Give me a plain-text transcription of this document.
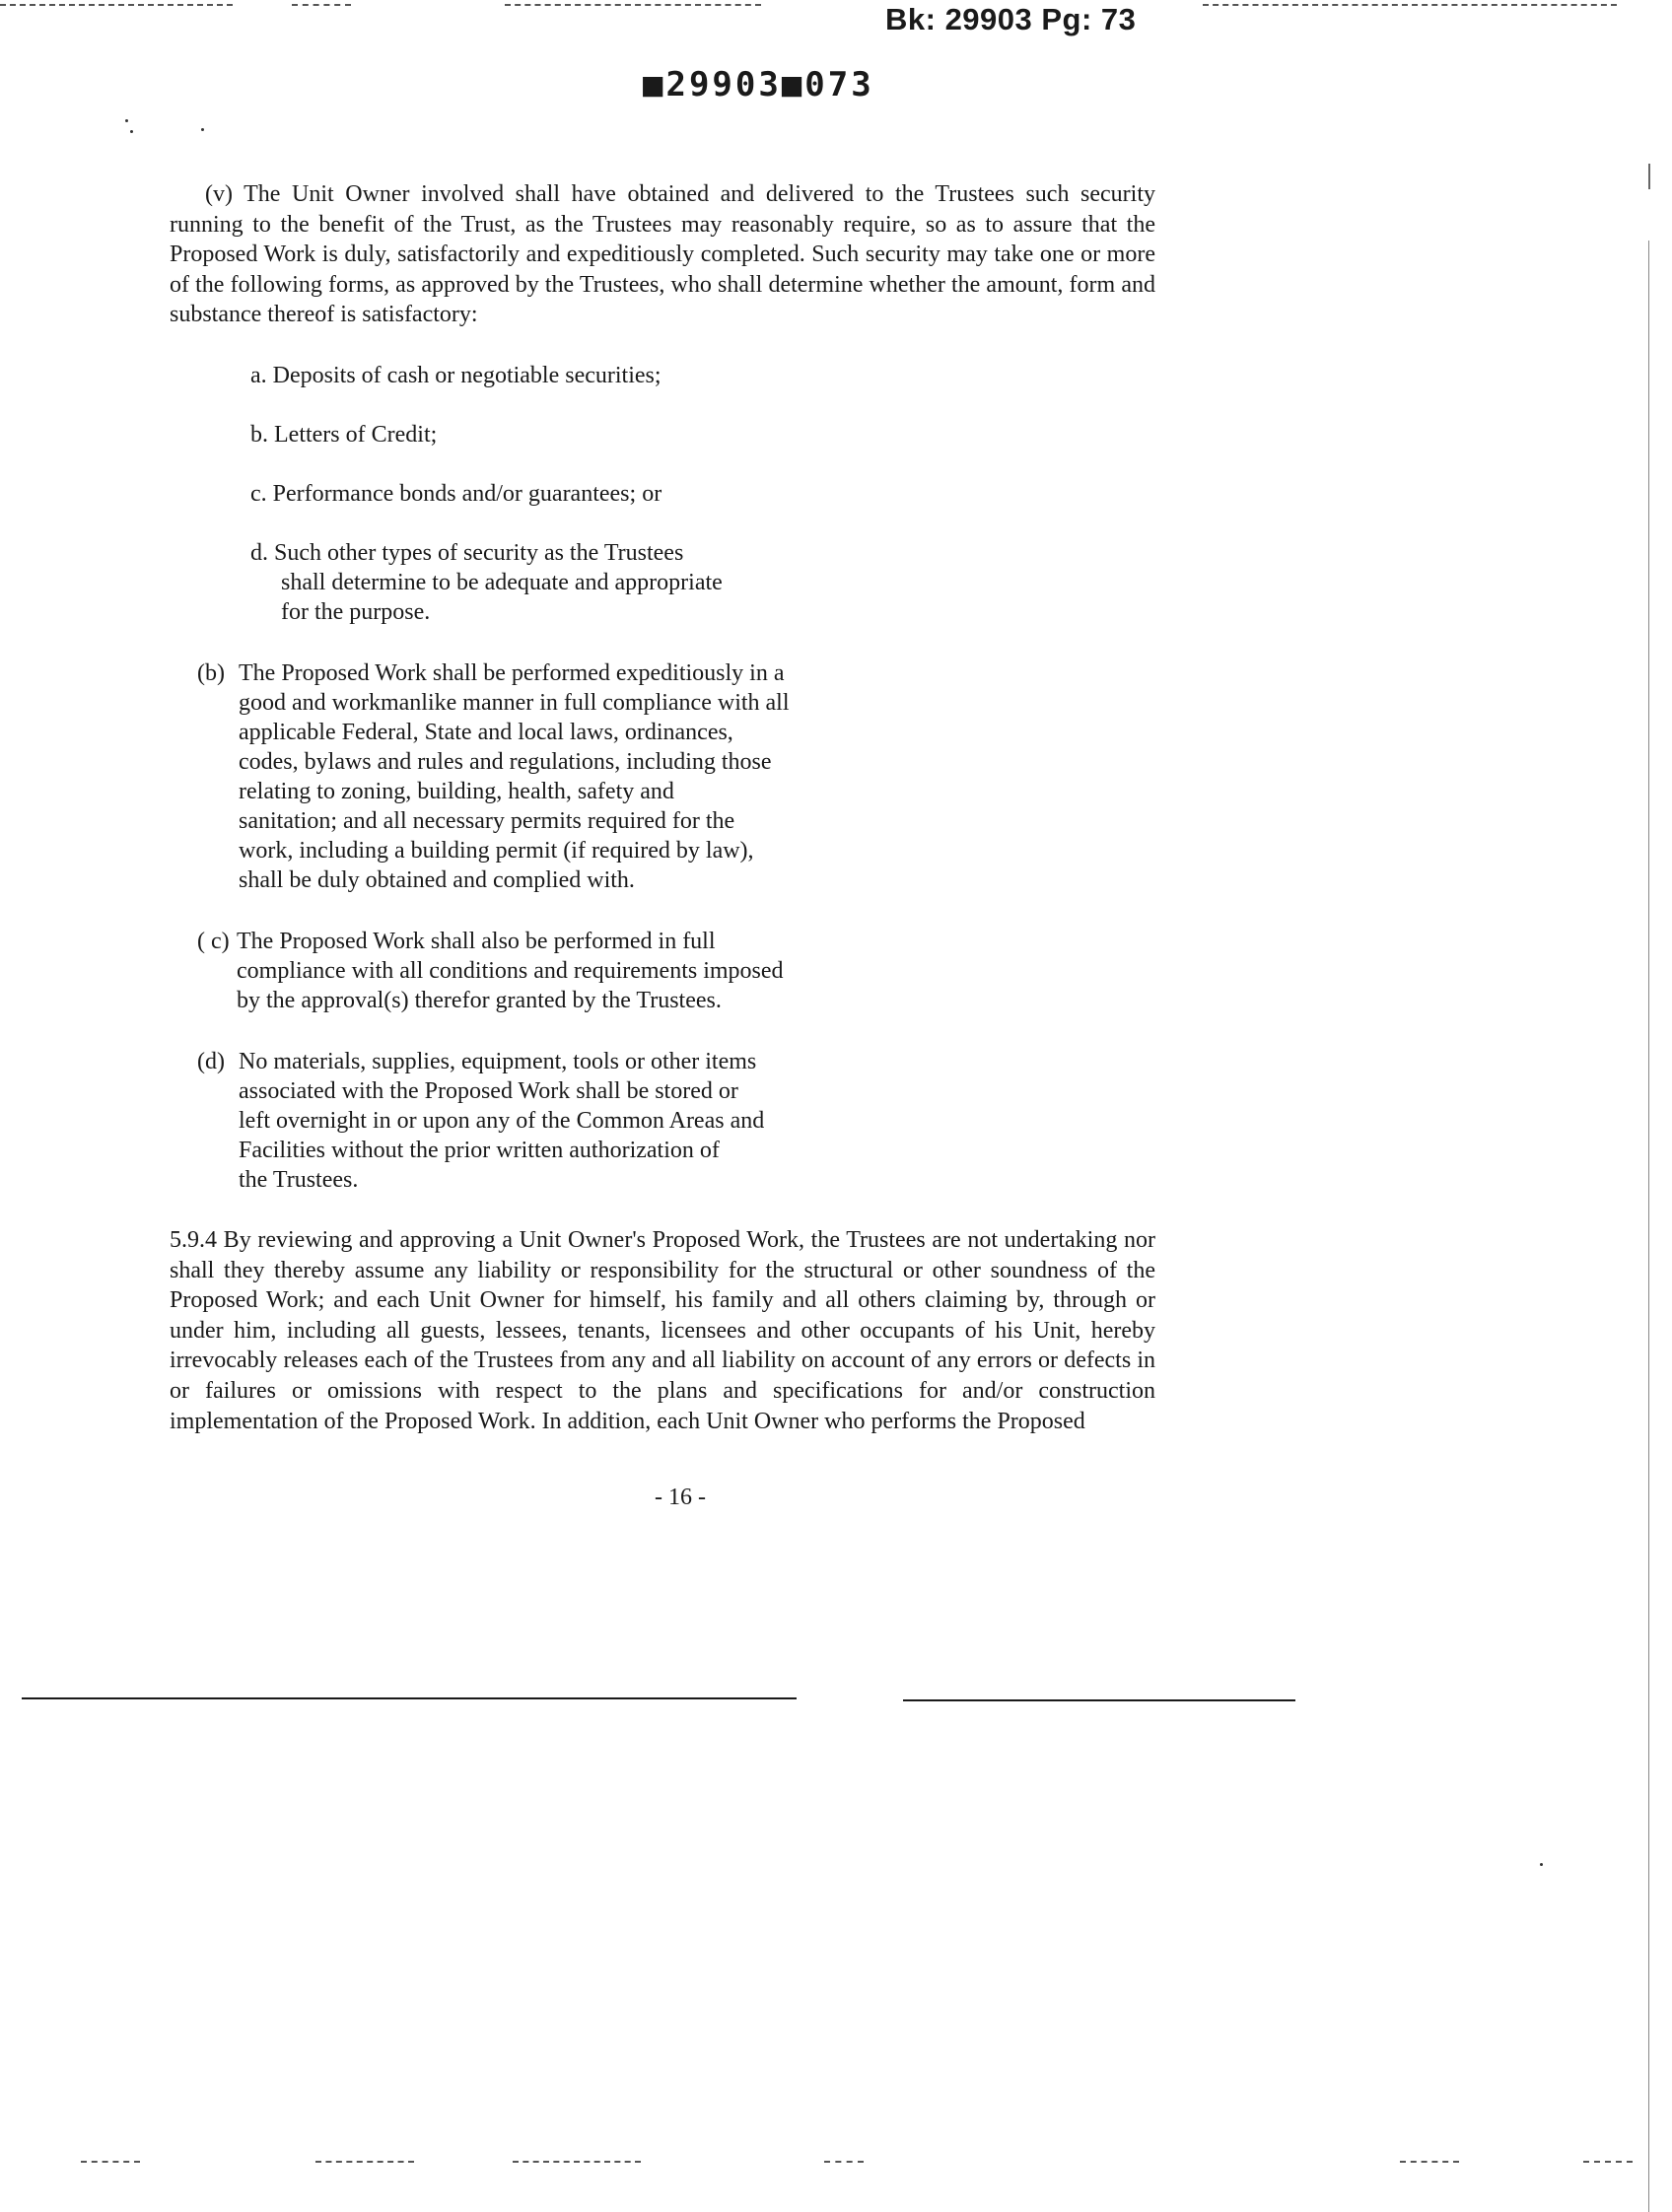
Bk: 29903 Pg: 73
■29903■073

(v) The Unit Owner involved shall have obtained and delivered to the Trustees such security running to the benefit of the Trust, as the Trustees may reasonably require, so as to assure that the Proposed Work is duly, satisfactorily and expeditiously completed. Such security may take one or more of the following forms, as approved by the Trustees, who shall determine whether the amount, form and substance thereof is satisfactory:

a. Deposits of cash or negotiable securities;
b. Letters of Credit;
c. Performance bonds and/or guarantees; or
d. Such other types of security as the Trustees
shall determine to be adequate and appropriate
for the purpose.
(b) The Proposed Work shall be performed expeditiously in a
good and workmanlike manner in full compliance with all
applicable Federal, State and local laws, ordinances,
codes, bylaws and rules and regulations, including those
relating to zoning, building, health, safety and
sanitation; and all necessary permits required for the
work, including a building permit (if required by law),
shall be duly obtained and complied with.
( c) The Proposed Work shall also be performed in full
compliance with all conditions and requirements imposed
by the approval(s) therefor granted by the Trustees.
(d) No materials, supplies, equipment, tools or other items
associated with the Proposed Work shall be stored or
left overnight in or upon any of the Common Areas and
Facilities without the prior written authorization of
the Trustees.

5.9.4 By reviewing and approving a Unit Owner's Proposed Work, the Trustees are not undertaking nor shall they thereby assume any liability or responsibility for the structural or other soundness of the Proposed Work; and each Unit Owner for himself, his family and all others claiming by, through or under him, including all guests, lessees, tenants, licensees and other occupants of his Unit, hereby irrevocably releases each of the Trustees from any and all liability on account of any errors or defects in or failures or omissions with respect to the plans and specifications for and/or construction implementation of the Proposed Work. In addition, each Unit Owner who performs the Proposed

- 16 -
